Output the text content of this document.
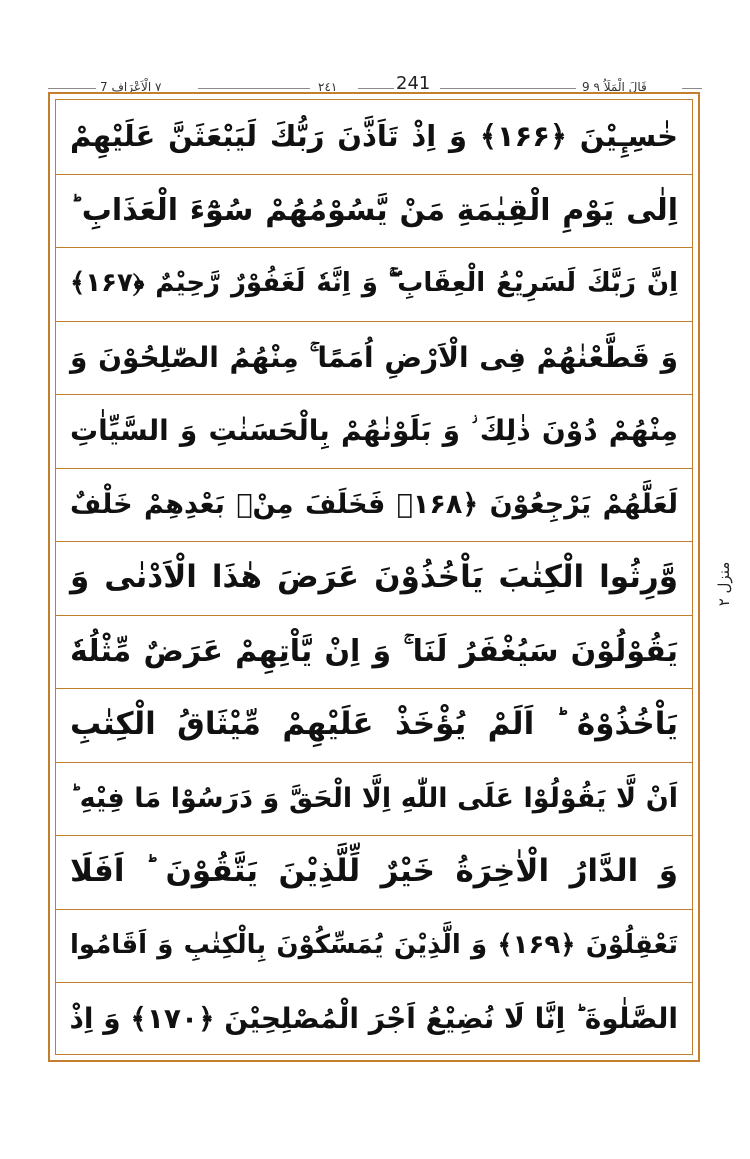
٧ الْاَعْرَاف 7	٢٤١	241	9 قَالَ الْمَلَاُ ٩
خٰسِـِٕیْنَ ﴿۱۶۶﴾ وَ اِذْ تَاَذَّنَ رَبُّكَ لَیَبْعَثَنَّ عَلَیْهِمْ
اِلٰى یَوْمِ الْقِیٰمَةِ مَنْ یَّسُوْمُهُمْ سُوْٓءَ الْعَذَابِ ؕ
اِنَّ رَبَّكَ لَسَرِیْعُ الْعِقَابِ ۖۚ وَ اِنَّهٗ لَغَفُوْرٌ رَّحِیْمٌ ﴿۱۶۷﴾
وَ قَطَّعْنٰهُمْ فِی الْاَرْضِ اُمَمًا ۚ مِنْهُمُ الصّٰلِحُوْنَ وَ
مِنْهُمْ دُوْنَ ذٰلِكَ ؗ وَ بَلَوْنٰهُمْ بِالْحَسَنٰتِ وَ السَّیِّاٰتِ
لَعَلَّهُمْ یَرْجِعُوْنَ ﴿۱۶۸﴾ فَخَلَفَ مِنْۢ بَعْدِهِمْ خَلْفٌ
وَّرِثُوا الْكِتٰبَ یَاْخُذُوْنَ عَرَضَ هٰذَا الْاَدْنٰى وَ
یَقُوْلُوْنَ سَیُغْفَرُ لَنَا ۚ وَ اِنْ یَّاْتِهِمْ عَرَضٌ مِّثْلُهٗ
یَاْخُذُوْهُ ؕ اَلَمْ یُؤْخَذْ عَلَیْهِمْ مِّیْثَاقُ الْكِتٰبِ
اَنْ لَّا یَقُوْلُوْا عَلَى اللّٰهِ اِلَّا الْحَقَّ وَ دَرَسُوْا مَا فِیْهِ ؕ
وَ الدَّارُ الْاٰخِرَةُ خَیْرٌ لِّلَّذِیْنَ یَتَّقُوْنَ ؕ اَفَلَا
تَعْقِلُوْنَ ﴿۱۶۹﴾ وَ الَّذِیْنَ یُمَسِّكُوْنَ بِالْكِتٰبِ وَ اَقَامُوا
الصَّلٰوةَ ؕ اِنَّا لَا نُضِیْعُ اَجْرَ الْمُصْلِحِیْنَ ﴿۱۷۰﴾ وَ اِذْ
منزل ٢
